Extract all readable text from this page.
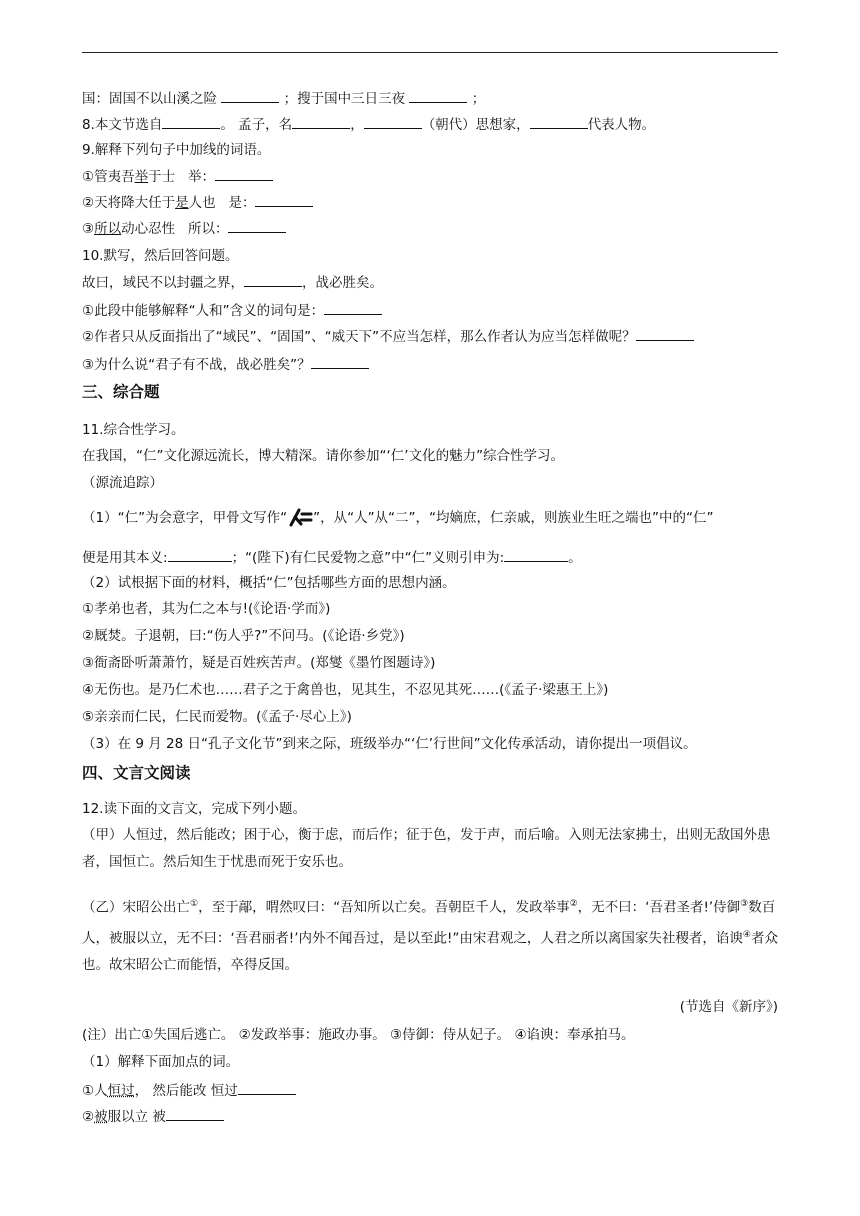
国：固国不以山溪之险	；搜于国中三日三夜	；
8.本文节选自	。 孟子，名	，	（朝代）思想家，	代表人物。
9.解释下列句子中加线的词语。
①管夷吾举于士 举：
②天将降大任于是人也 是：
③所以动心忍性 所以：
10.默写，然后回答问题。
故曰，域民不以封疆之界，	，战必胜矣。
①此段中能够解释“人和”含义的词句是：
②作者只从反面指出了“域民”、“固国”、“威天下”不应当怎样，那么作者认为应当怎样做呢？
③为什么说“君子有不战，战必胜矣”？
三、综合题
11.综合性学习。
在我国，“仁”文化源远流长，博大精深。请你参加“‘仁’文化的魅力”综合性学习。
（源流追踪）
（1）“仁”为会意字，甲骨文写作“ ”，从“人”从“二”，“均嫡庶，仁亲戚，则族业生旺之端也”中的“仁”
便是用其本义:	；“(陛下)有仁民爱物之意”中“仁”义则引申为:	。
（2）试根据下面的材料，概括“仁”包括哪些方面的思想内涵。
①孝弟也者，其为仁之本与!(《论语·学而》)
②厩焚。子退朝，曰:“伤人乎?”不问马。(《论语·乡党》)
③衙斋卧听萧萧竹，疑是百姓疾苦声。(郑燮《墨竹图题诗》)
④无伤也。是乃仁术也……君子之于禽兽也，见其生，不忍见其死……(《孟子·梁惠王上》)
⑤亲亲而仁民，仁民而爱物。(《孟子·尽心上》)
（3）在 9 月 28 日“孔子文化节”到来之际，班级举办“‘仁’行世间”文化传承活动，请你提出一项倡议。
四、文言文阅读
12.读下面的文言文，完成下列小题。
（甲）人恒过，然后能改；困于心，衡于虑，而后作；征于色，发于声，而后喻。入则无法家拂士，出则无敌国外患者，国恒亡。然后知生于忧患而死于安乐也。
（乙）宋昭公出亡①，至于鄗，喟然叹曰：“吾知所以亡矣。吾朝臣千人，发政举事②，无不曰：‘吾君圣者!’侍御③数百人，被服以立，无不曰：‘吾君丽者!’内外不闻吾过，是以至此!”由宋君观之，人君之所以离国家失社稷者，谄谀④者众也。故宋昭公亡而能悟，卒得反国。
(节选自《新序》)
(注）出亡①失国后逃亡。 ②发政举事：施政办事。 ③侍御：侍从妃子。 ④谄谀：奉承拍马。
（1）解释下面加点的词。
①人恒过， 然后能改 恒过
②被服以立 被
